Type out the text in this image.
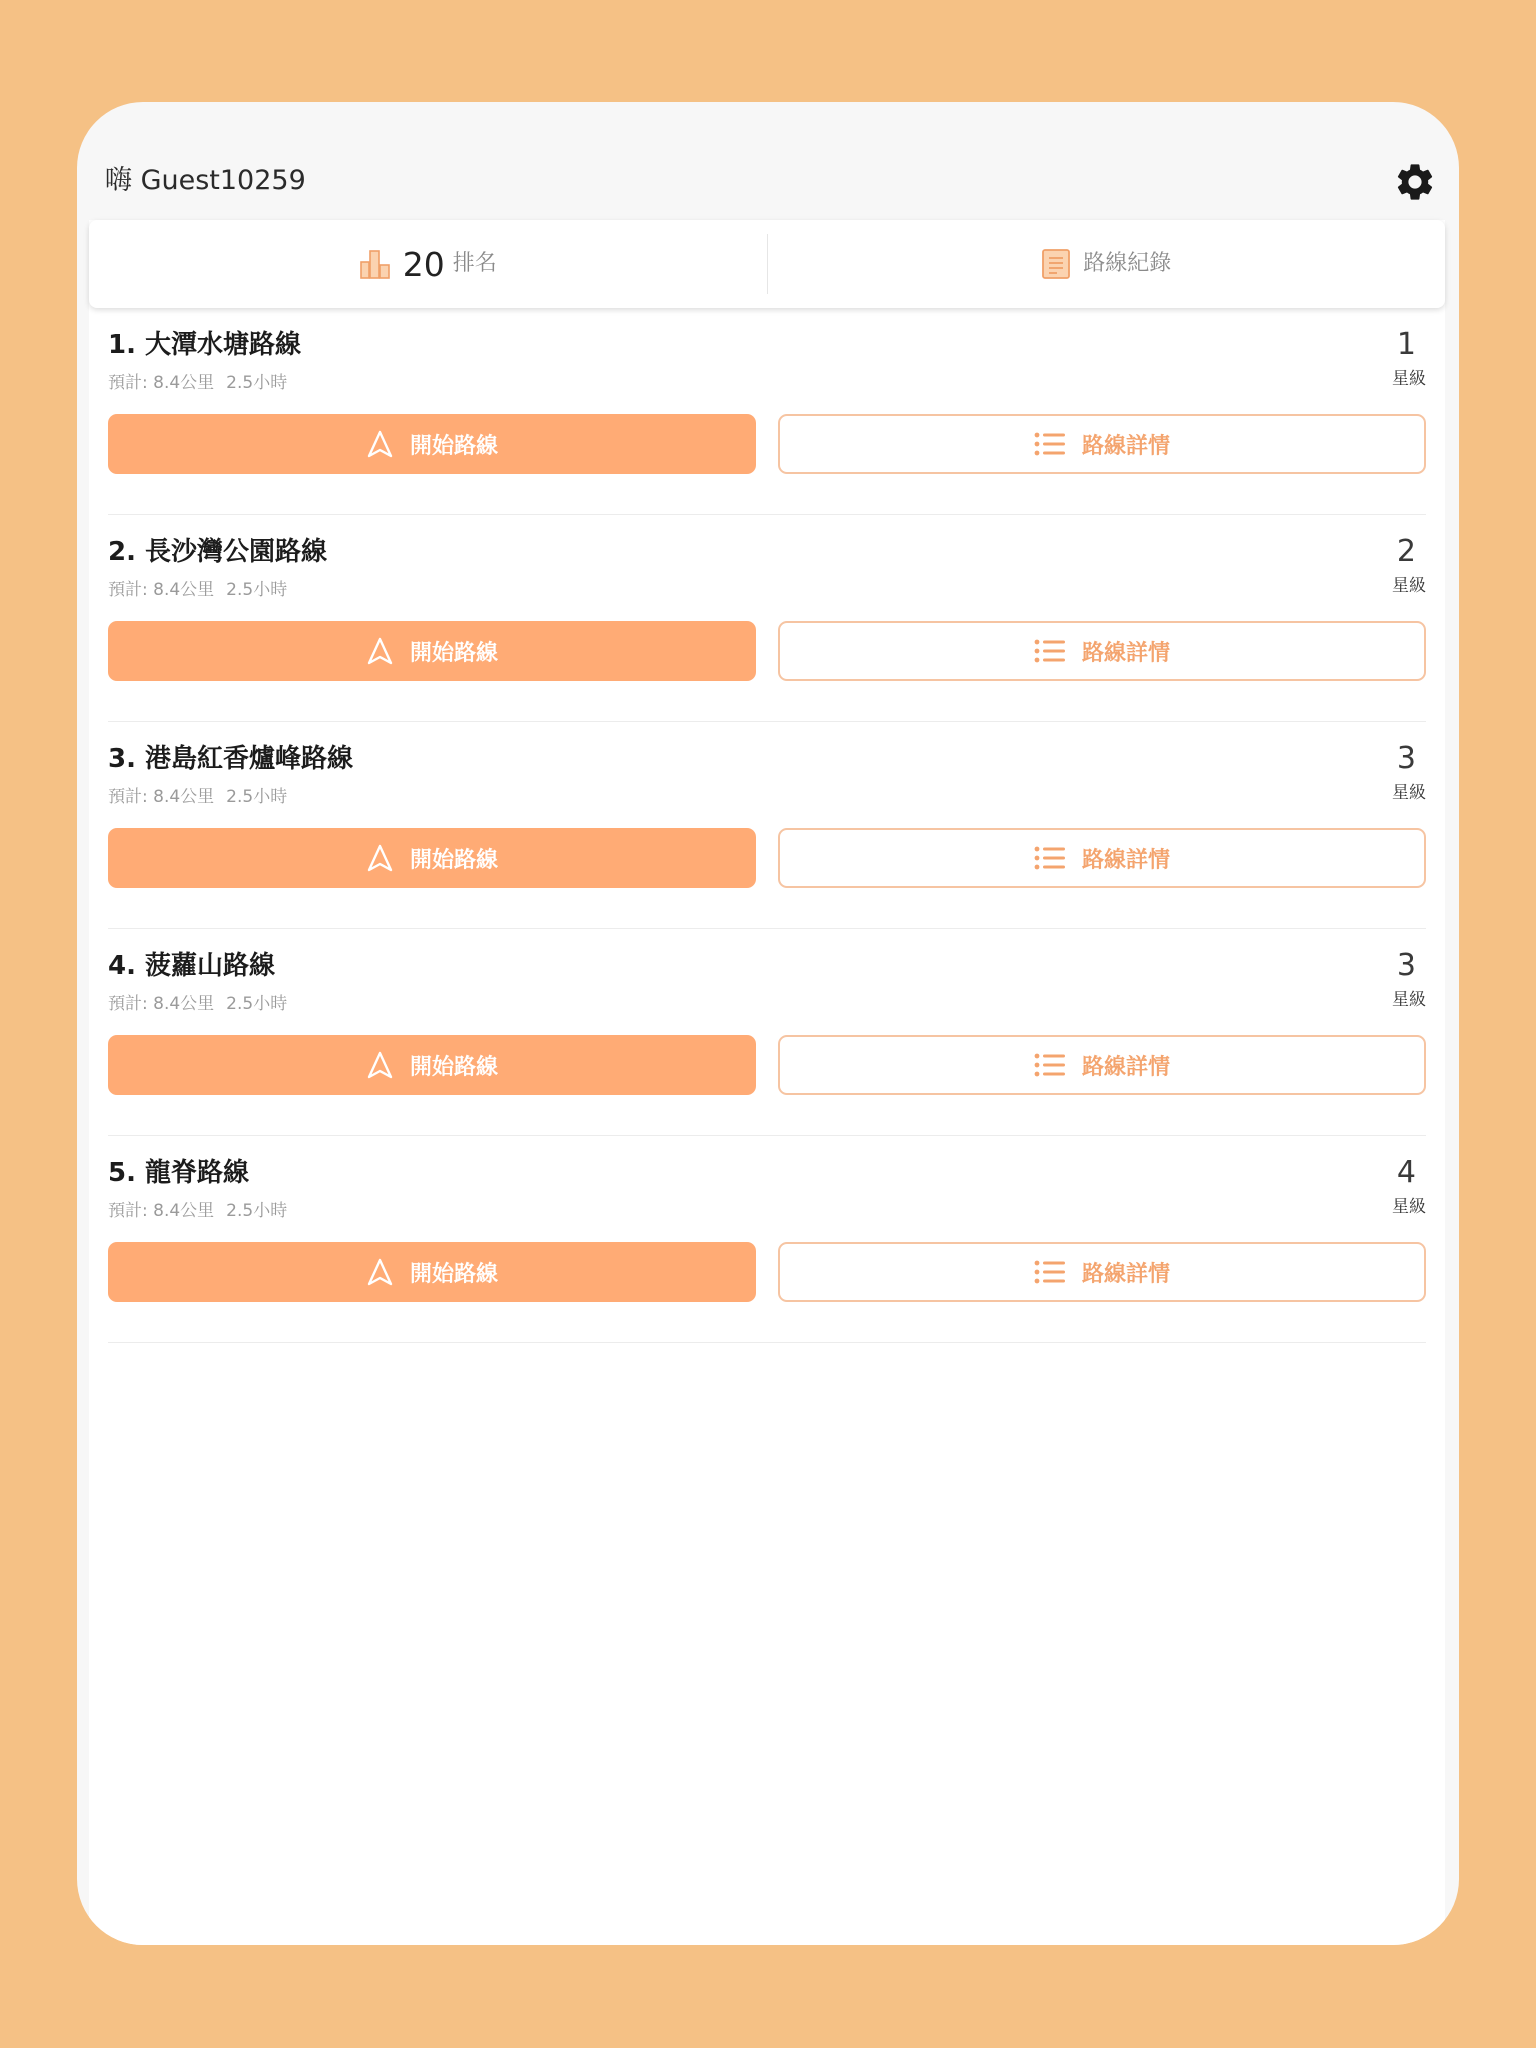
嗨 Guest10259
20 排名	路線紀錄
1. 大潭水塘路線
預計: 8.4公里 2.5小時
1
星級
開始路線	路線詳情
2. 長沙灣公園路線
預計: 8.4公里 2.5小時
2
星級
開始路線	路線詳情
3. 港島紅香爐峰路線
預計: 8.4公里 2.5小時
3
星級
開始路線	路線詳情
4. 菠蘿山路線
預計: 8.4公里 2.5小時
3
星級
開始路線	路線詳情
5. 龍脊路線
預計: 8.4公里 2.5小時
4
星級
開始路線	路線詳情
